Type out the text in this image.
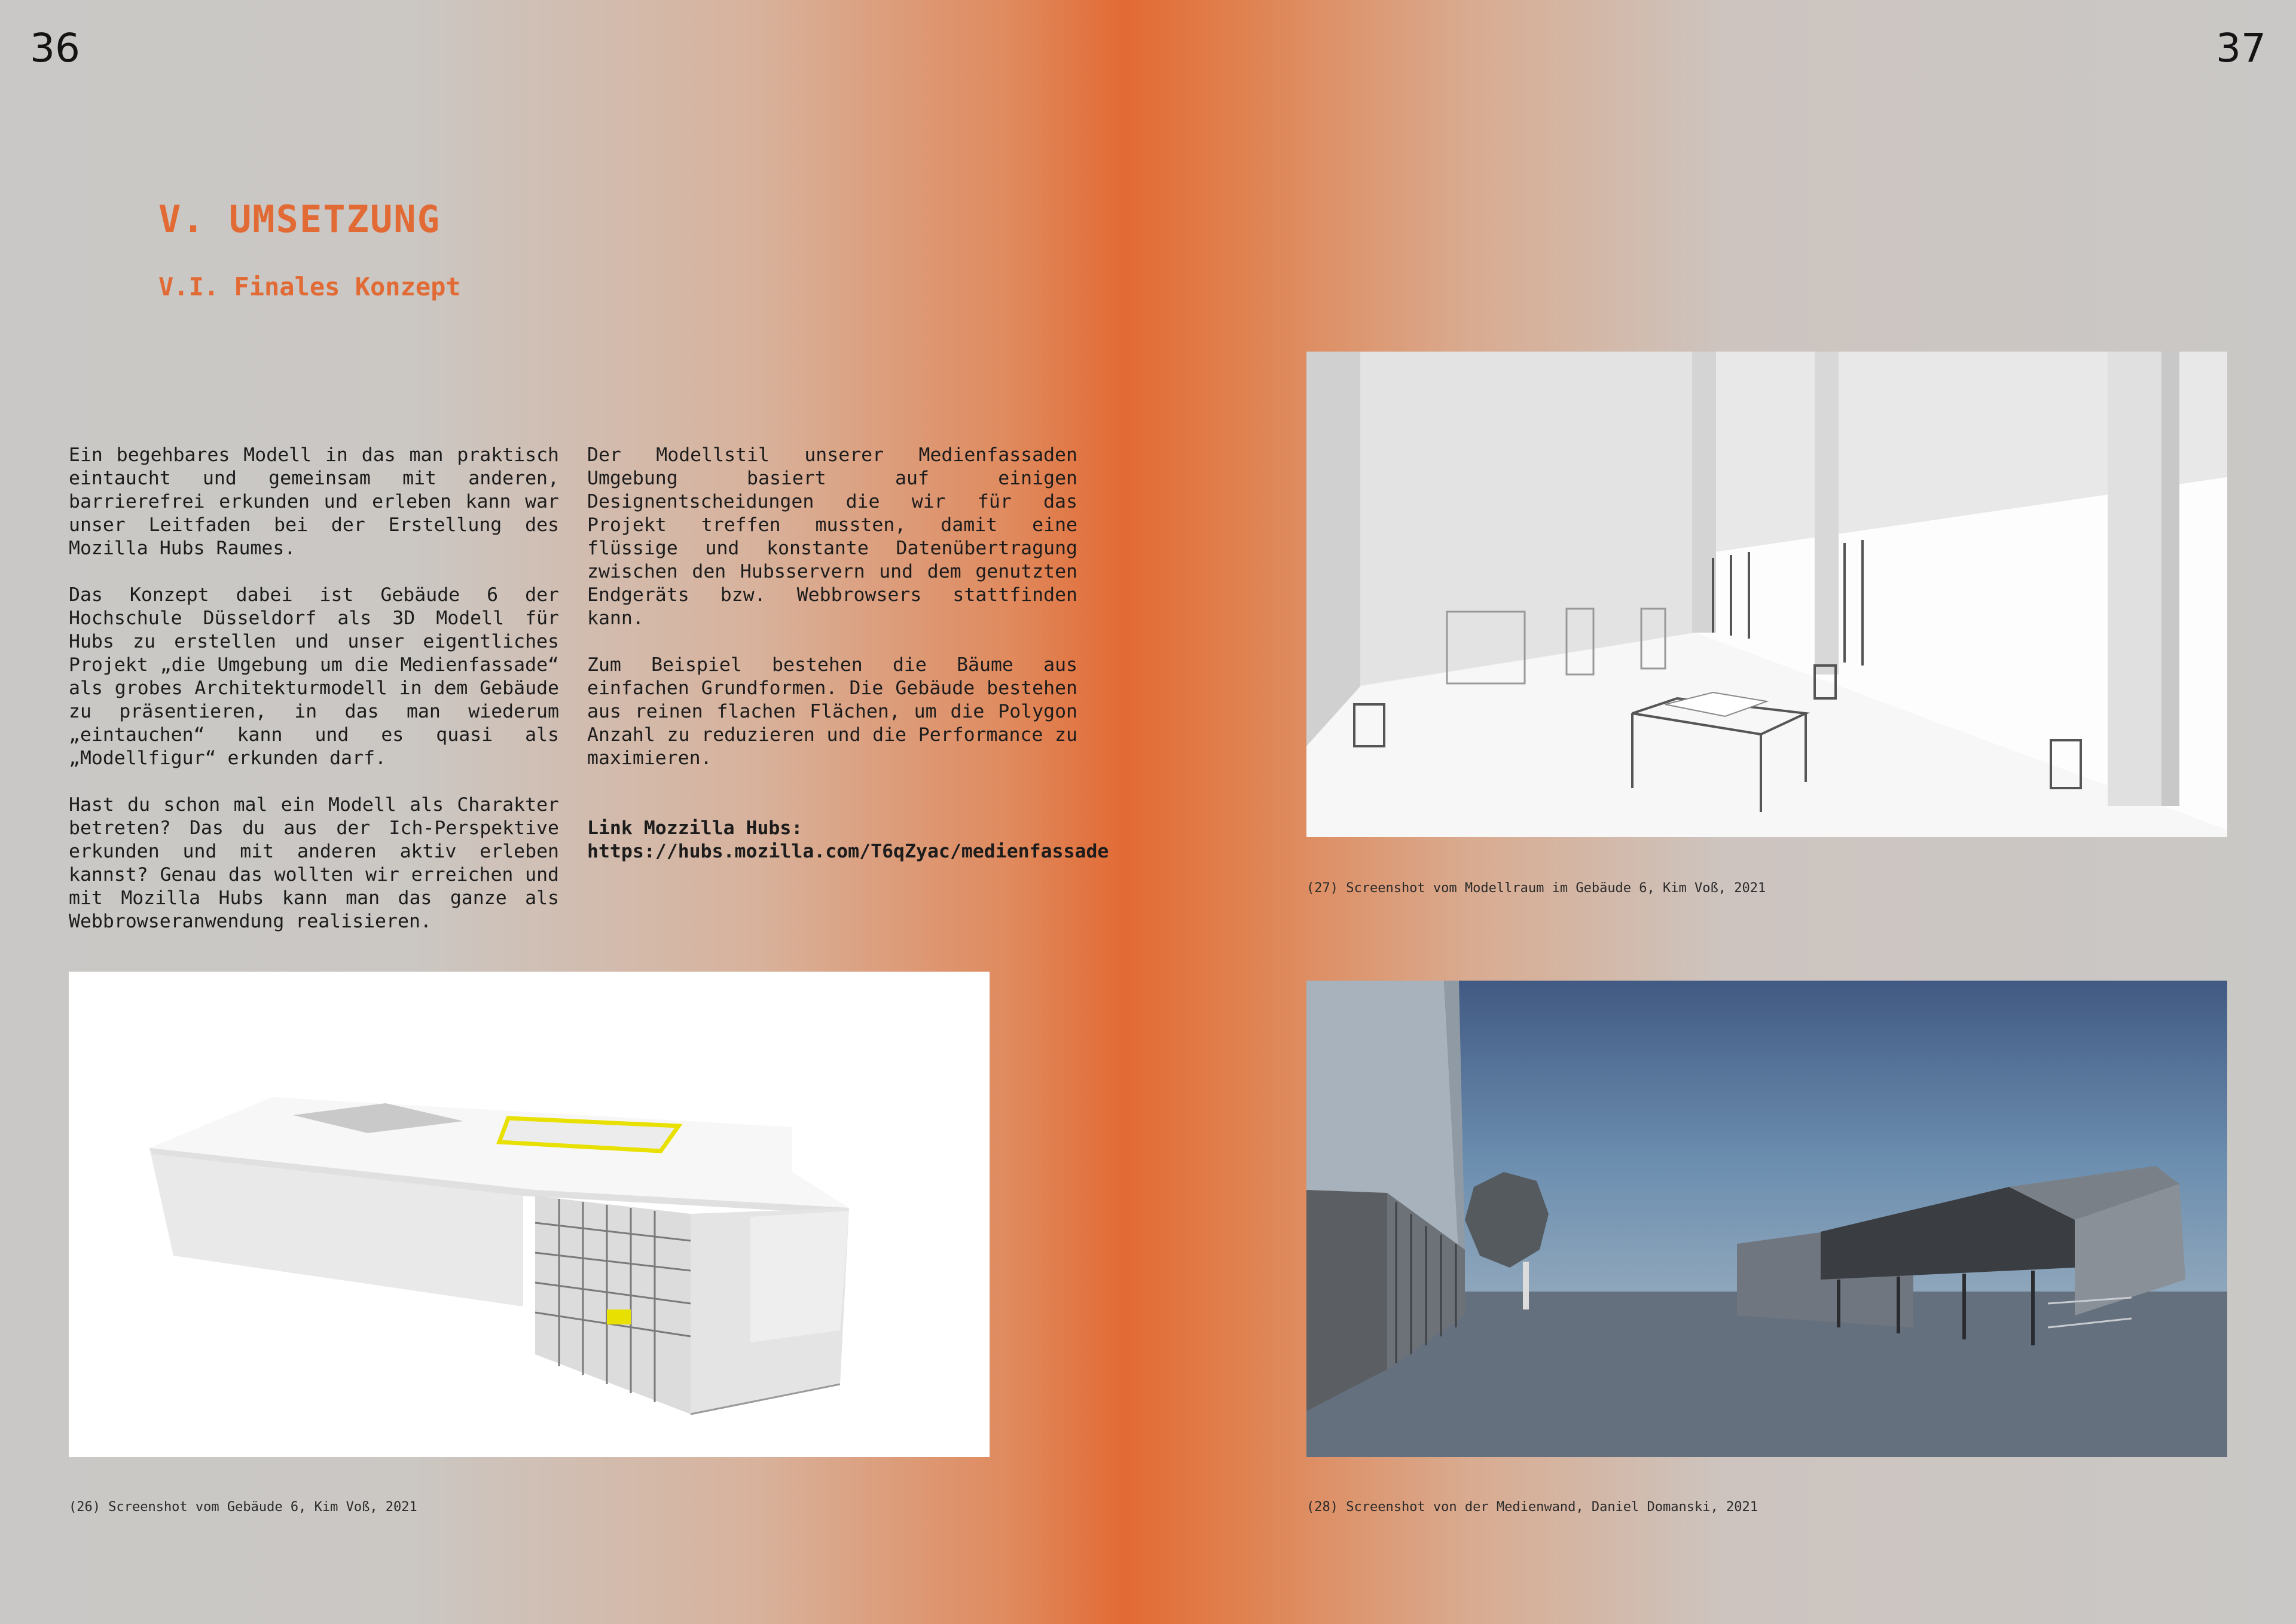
36	37
V. UMSETZUNG
V.I. Finales Konzept

Ein begehbares Modell in das man praktisch eintaucht und gemeinsam mit anderen, barrierefrei erkunden und erleben kann war unser Leitfaden bei der Erstellung des Mozilla Hubs Raumes.

Das Konzept dabei ist Gebäude 6 der Hochschule Düsseldorf als 3D Modell für Hubs zu erstellen und unser eigentliches Projekt „die Umgebung um die Medienfassade“ als grobes Architekturmodell in dem Gebäude zu präsentieren, in das man wiederum „eintauchen“ kann und es quasi als „Modellfigur“ erkunden darf.

Hast du schon mal ein Modell als Charakter betreten? Das du aus der Ich-Perspektive erkunden und mit anderen aktiv erleben kannst? Genau das wollten wir erreichen und mit Mozilla Hubs kann man das ganze als Webbrowseranwendung realisieren.

Der Modellstil unserer Medienfassaden Umgebung basiert auf einigen Designentscheidungen die wir für das Projekt treffen mussten, damit eine flüssige und konstante Datenübertragung zwischen den Hubsservern und dem genutzten Endgeräts bzw. Webbrowsers stattfinden kann.

Zum Beispiel bestehen die Bäume aus einfachen Grundformen. Die Gebäude bestehen aus reinen flachen Flächen, um die Polygon Anzahl zu reduzieren und die Performance zu maximieren.

Link Mozzilla Hubs:
https://hubs.mozilla.com/T6qZyac/medienfassade

(26) Screenshot vom Gebäude 6, Kim Voß, 2021
(27) Screenshot vom Modellraum im Gebäude 6, Kim Voß, 2021
(28) Screenshot von der Medienwand, Daniel Domanski, 2021
